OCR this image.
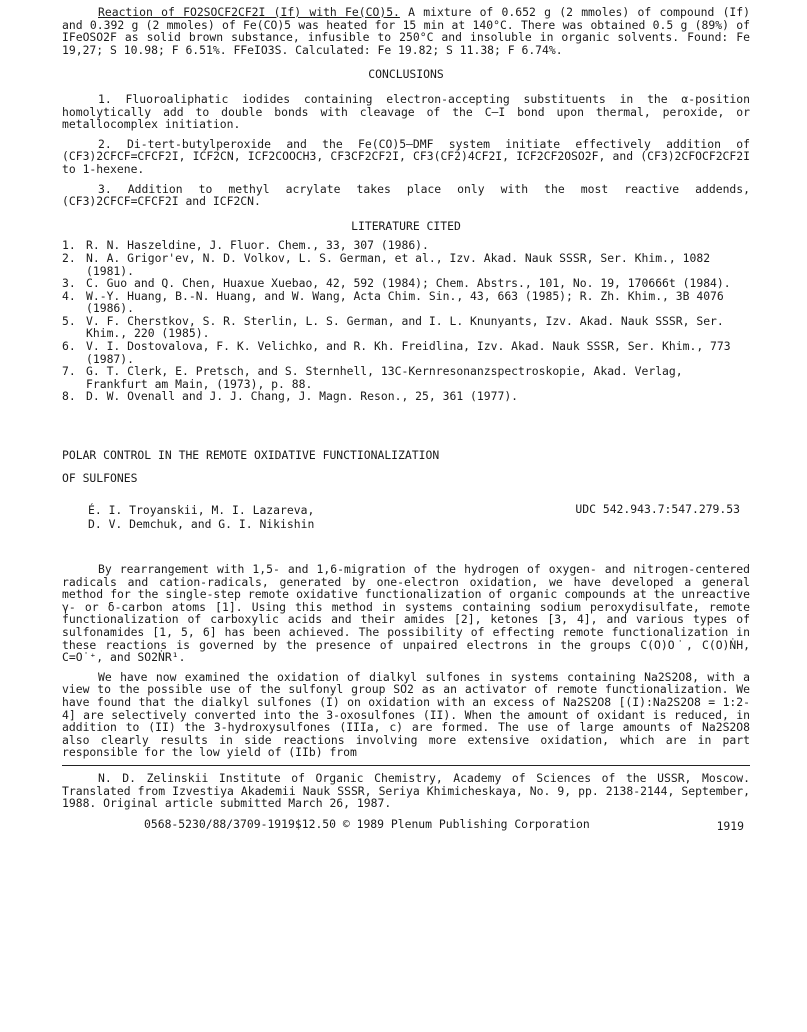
Reaction of FO2SOCF2CF2I (If) with Fe(CO)5. A mixture of 0.652 g (2 mmoles) of compound (If) and 0.392 g (2 mmoles) of Fe(CO)5 was heated for 15 min at 140°C. There was obtained 0.5 g (89%) of IFeOSO2F as solid brown substance, infusible to 250°C and insoluble in organic solvents. Found: Fe 19,27; S 10.98; F 6.51%. FFeIO3S. Calculated: Fe 19.82; S 11.38; F 6.74%.

CONCLUSIONS

1. Fluoroaliphatic iodides containing electron-accepting substituents in the α-position homolytically add to double bonds with cleavage of the C–I bond upon thermal, peroxide, or metallocomplex initiation.

2. Di-tert-butylperoxide and the Fe(CO)5–DMF system initiate effectively addition of (CF3)2CFCF=CFCF2I, ICF2CN, ICF2COOCH3, CF3CF2CF2I, CF3(CF2)4CF2I, ICF2CF2OSO2F, and (CF3)2CFOCF2CF2I to 1-hexene.

3. Addition to methyl acrylate takes place only with the most reactive addends, (CF3)2CFCF=CFCF2I and ICF2CN.

LITERATURE CITED

1. R. N. Haszeldine, J. Fluor. Chem., 33, 307 (1986).
2. N. A. Grigor'ev, N. D. Volkov, L. S. German, et al., Izv. Akad. Nauk SSSR, Ser. Khim., 1082 (1981).
3. C. Guo and Q. Chen, Huaxue Xuebao, 42, 592 (1984); Chem. Abstrs., 101, No. 19, 170666t (1984).
4. W.-Y. Huang, B.-N. Huang, and W. Wang, Acta Chim. Sin., 43, 663 (1985); R. Zh. Khim., 3B 4076 (1986).
5. V. F. Cherstkov, S. R. Sterlin, L. S. German, and I. L. Knunyants, Izv. Akad. Nauk SSSR, Ser. Khim., 220 (1985).
6. V. I. Dostovalova, F. K. Velichko, and R. Kh. Freidlina, Izv. Akad. Nauk SSSR, Ser. Khim., 773 (1987).
7. G. T. Clerk, E. Pretsch, and S. Sternhell, 13C-Kernresonanzspectroskopie, Akad. Verlag, Frankfurt am Main, (1973), p. 88.
8. D. W. Ovenall and J. J. Chang, J. Magn. Reson., 25, 361 (1977).

POLAR CONTROL IN THE REMOTE OXIDATIVE FUNCTIONALIZATION

OF SULFONES

É. I. Troyanskii, M. I. Lazareva,
D. V. Demchuk, and G. I. Nikishin
UDC 542.943.7:547.279.53

By rearrangement with 1,5- and 1,6-migration of the hydrogen of oxygen- and nitrogen-centered radicals and cation-radicals, generated by one-electron oxidation, we have developed a general method for the single-step remote oxidative functionalization of organic compounds at the unreactive γ- or δ-carbon atoms [1]. Using this method in systems containing sodium peroxydisulfate, remote functionalization of carboxylic acids and their amides [2], ketones [3, 4], and various types of sulfonamides [1, 5, 6] has been achieved. The possibility of effecting remote functionalization in these reactions is governed by the presence of unpaired electrons in the groups C(O)O˙, C(O)ṄH, C=O˙⁺, and SO2ṄR¹.

We have now examined the oxidation of dialkyl sulfones in systems containing Na2S2O8, with a view to the possible use of the sulfonyl group SO2 as an activator of remote functionalization. We have found that the dialkyl sulfones (I) on oxidation with an excess of Na2S2O8 [(I):Na2S2O8 = 1:2-4] are selectively converted into the 3-oxosulfones (II). When the amount of oxidant is reduced, in addition to (II) the 3-hydroxysulfones (IIIa, c) are formed. The use of large amounts of Na2S2O8 also clearly results in side reactions involving more extensive oxidation, which are in part responsible for the low yield of (IIb) from

N. D. Zelinskii Institute of Organic Chemistry, Academy of Sciences of the USSR, Moscow. Translated from Izvestiya Akademii Nauk SSSR, Seriya Khimicheskaya, No. 9, pp. 2138-2144, September, 1988. Original article submitted March 26, 1987.

0568-5230/88/3709-1919$12.50 © 1989 Plenum Publishing Corporation	1919
